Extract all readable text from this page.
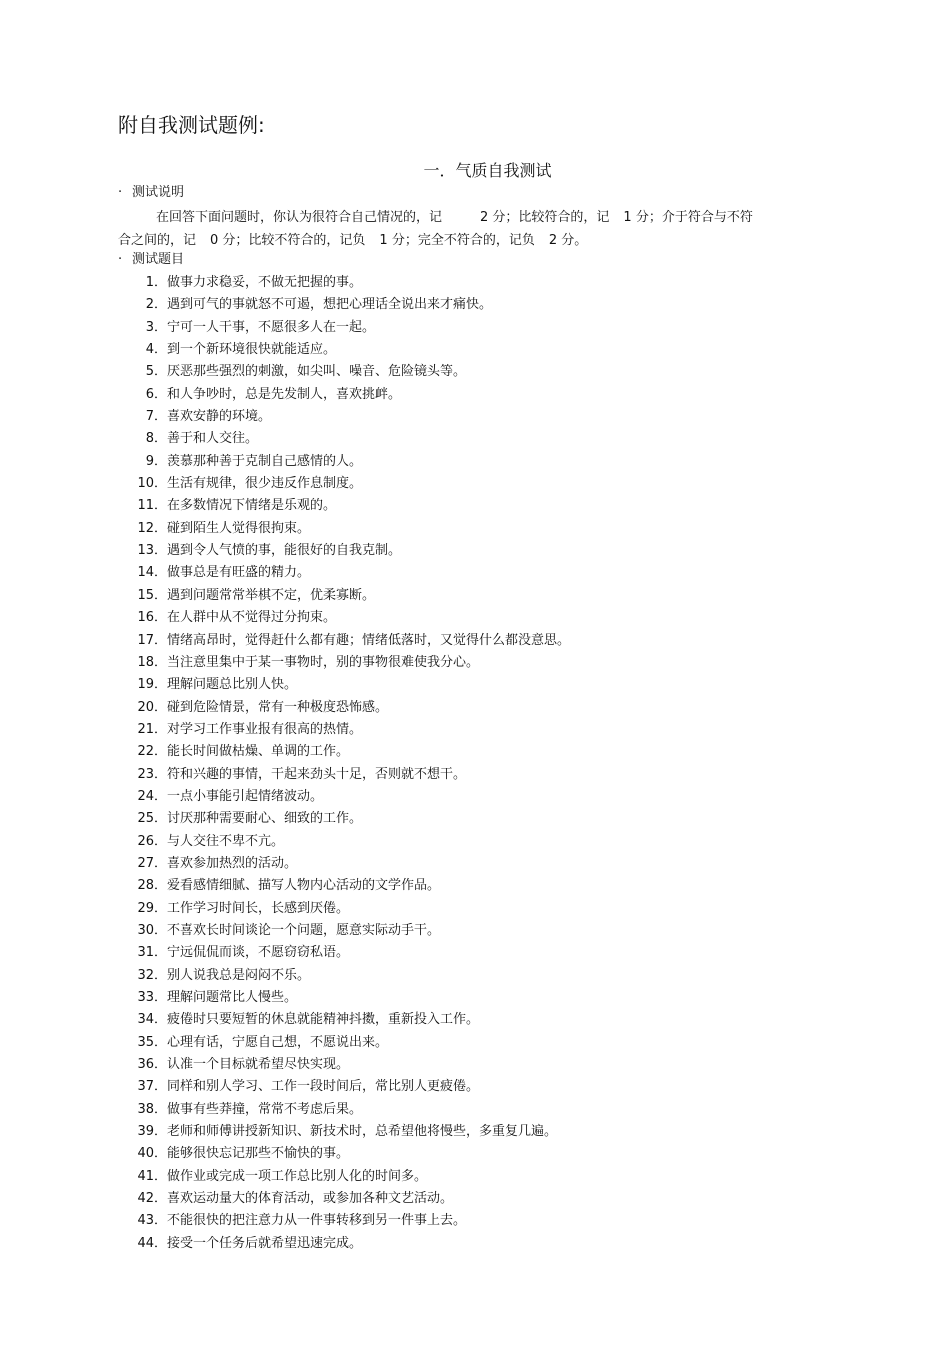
附自我测试题例:
一．气质自我测试
· 测试说明
在回答下面问题时，你认为很符合自己情况的，记	2 分；比较符合的，记 1 分；介于符合与不符
合之间的，记 0 分；比较不符合的，记负 1 分；完全不符合的，记负 2 分。
· 测试题目
1．做事力求稳妥，不做无把握的事。
2．遇到可气的事就怒不可遏，想把心理话全说出来才痛快。
3．宁可一人干事，不愿很多人在一起。
4．到一个新环境很快就能适应。
5．厌恶那些强烈的刺激，如尖叫、噪音、危险镜头等。
6．和人争吵时，总是先发制人，喜欢挑衅。
7．喜欢安静的环境。
8．善于和人交往。
9．羡慕那种善于克制自己感情的人。
10．生活有规律，很少违反作息制度。
11．在多数情况下情绪是乐观的。
12．碰到陌生人觉得很拘束。
13．遇到令人气愤的事，能很好的自我克制。
14．做事总是有旺盛的精力。
15．遇到问题常常举棋不定，优柔寡断。
16．在人群中从不觉得过分拘束。
17．情绪高昂时，觉得赶什么都有趣；情绪低落时，又觉得什么都没意思。
18．当注意里集中于某一事物时，别的事物很难使我分心。
19．理解问题总比别人快。
20．碰到危险情景，常有一种极度恐怖感。
21．对学习工作事业报有很高的热情。
22．能长时间做枯燥、单调的工作。
23．符和兴趣的事情，干起来劲头十足，否则就不想干。
24．一点小事能引起情绪波动。
25．讨厌那种需要耐心、细致的工作。
26．与人交往不卑不亢。
27．喜欢参加热烈的活动。
28．爱看感情细腻、描写人物内心活动的文学作品。
29．工作学习时间长，长感到厌倦。
30．不喜欢长时间谈论一个问题，愿意实际动手干。
31．宁远侃侃而谈，不愿窃窃私语。
32．别人说我总是闷闷不乐。
33．理解问题常比人慢些。
34．疲倦时只要短暂的休息就能精神抖擞，重新投入工作。
35．心理有话，宁愿自己想，不愿说出来。
36．认准一个目标就希望尽快实现。
37．同样和别人学习、工作一段时间后，常比别人更疲倦。
38．做事有些莽撞，常常不考虑后果。
39．老师和师傅讲授新知识、新技术时，总希望他将慢些，多重复几遍。
40．能够很快忘记那些不愉快的事。
41．做作业或完成一项工作总比别人化的时间多。
42．喜欢运动量大的体育活动，或参加各种文艺活动。
43．不能很快的把注意力从一件事转移到另一件事上去。
44．接受一个任务后就希望迅速完成。
